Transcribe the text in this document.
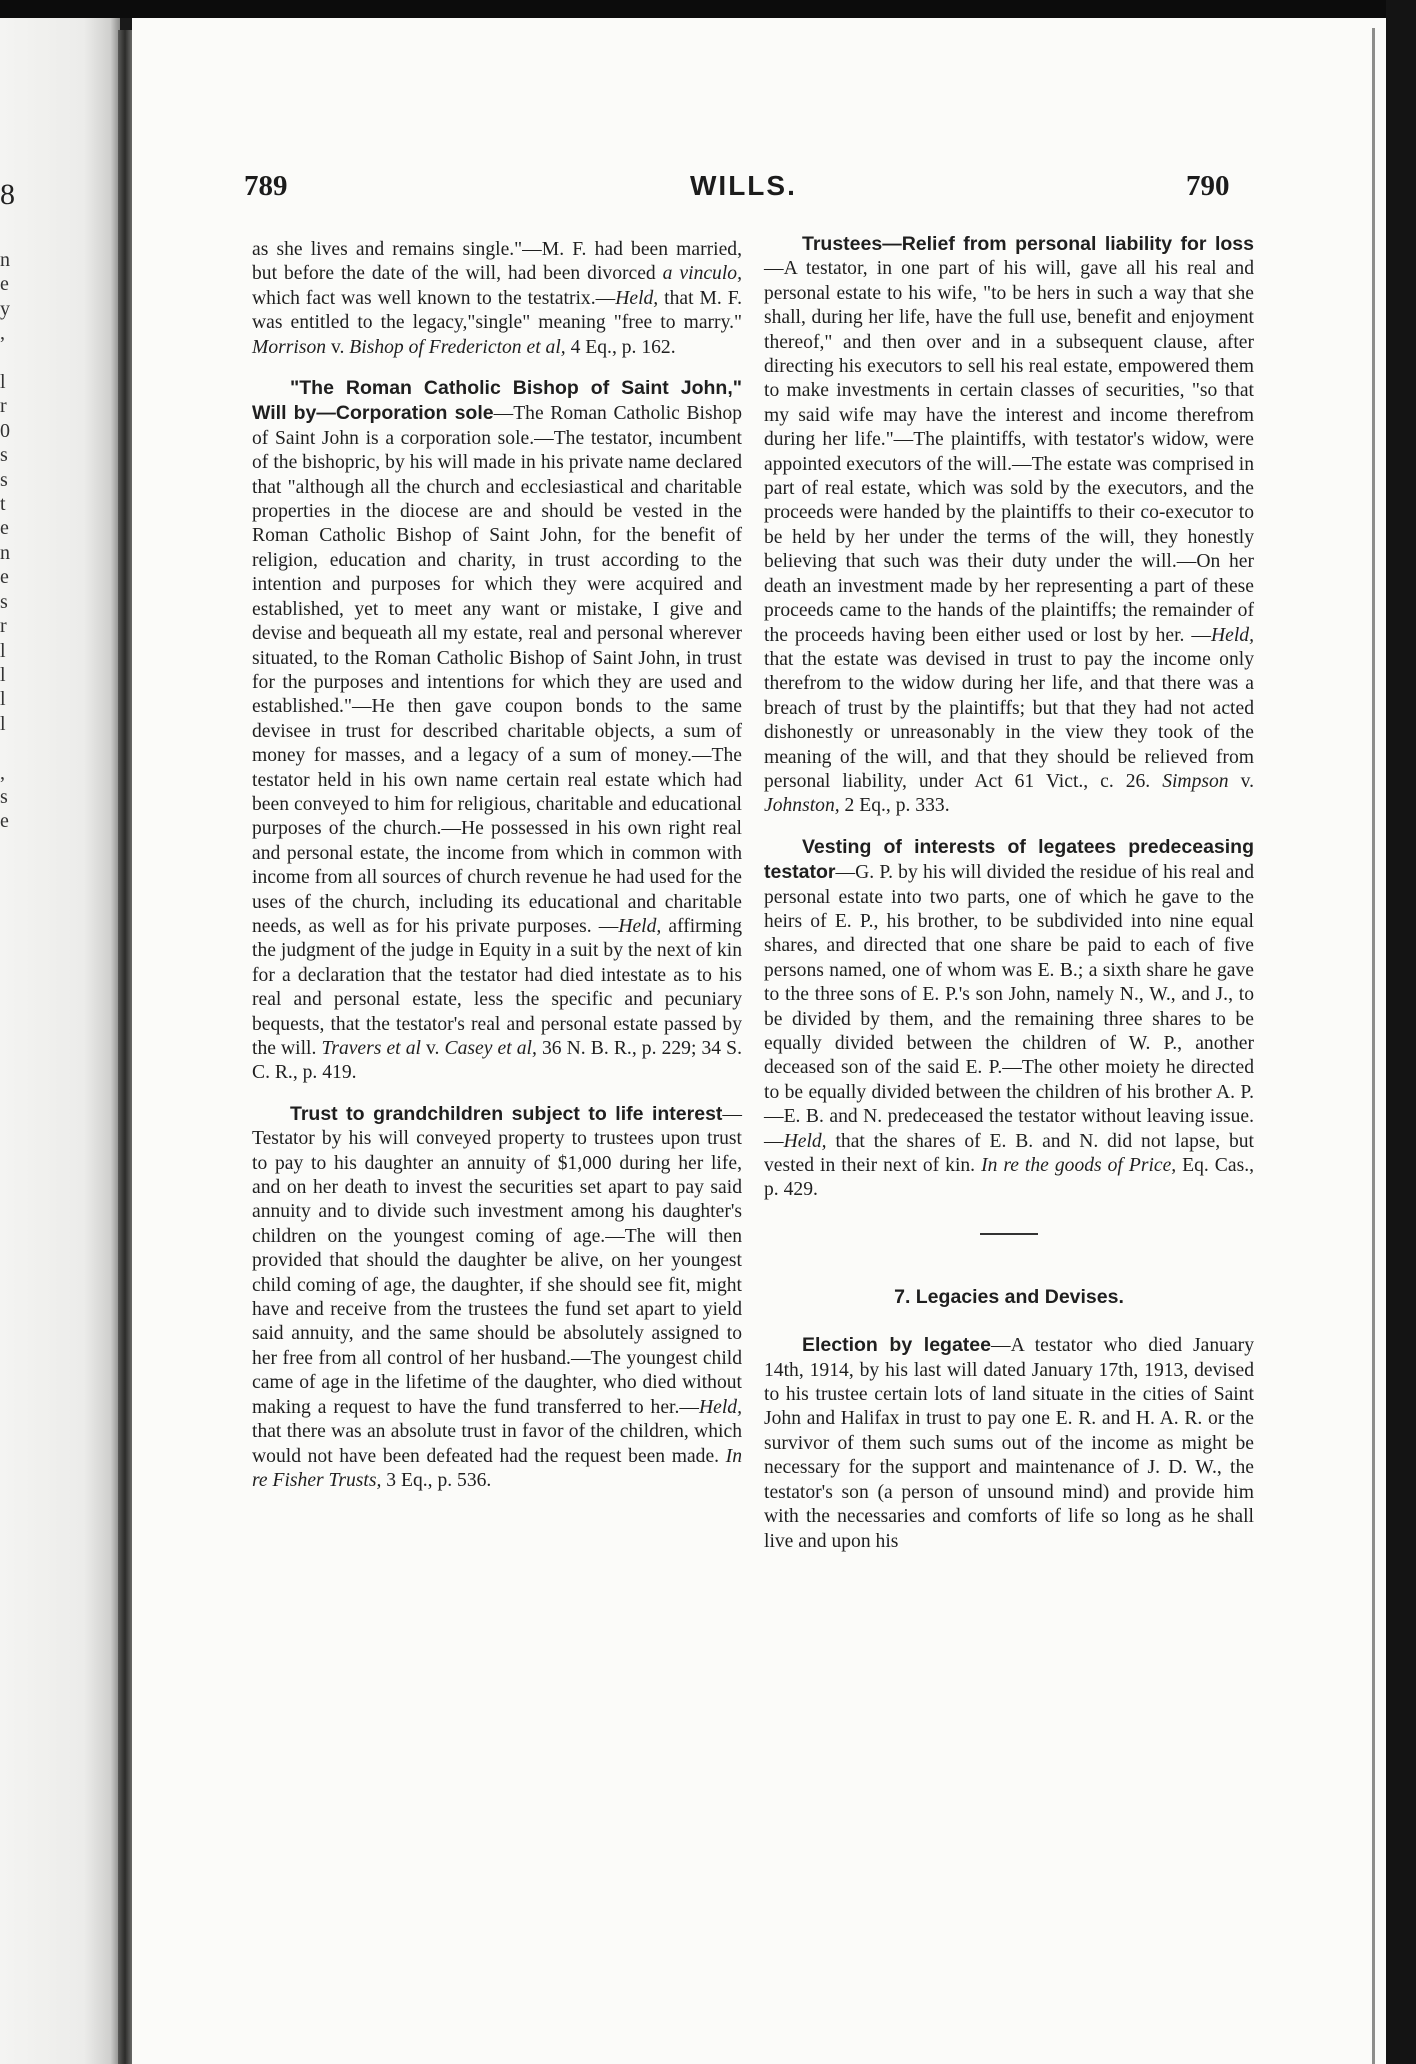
8
n
e
y
,

l
r
0
s
s
t
e
n
e
s
r
l
l
l
l

,
s
e
789	WILLS.	790

as she lives and remains single."—M. F. had been married, but before the date of the will, had been divorced a vinculo, which fact was well known to the testatrix.—Held, that M. F. was entitled to the legacy,"single" meaning "free to marry." Morrison v. Bishop of Fredericton et al, 4 Eq., p. 162.

"The Roman Catholic Bishop of Saint John," Will by—Corporation sole—The Roman Catholic Bishop of Saint John is a corporation sole.—The testator, incumbent of the bishopric, by his will made in his private name declared that "although all the church and ecclesiastical and charitable properties in the diocese are and should be vested in the Roman Catholic Bishop of Saint John, for the benefit of religion, education and charity, in trust according to the intention and purposes for which they were acquired and established, yet to meet any want or mistake, I give and devise and bequeath all my estate, real and personal wherever situated, to the Roman Catholic Bishop of Saint John, in trust for the purposes and intentions for which they are used and established."—He then gave coupon bonds to the same devisee in trust for described charitable objects, a sum of money for masses, and a legacy of a sum of money.—The testator held in his own name certain real estate which had been conveyed to him for religious, charitable and educational purposes of the church.—He possessed in his own right real and personal estate, the income from which in common with income from all sources of church revenue he had used for the uses of the church, including its educational and charitable needs, as well as for his private purposes. —Held, affirming the judgment of the judge in Equity in a suit by the next of kin for a declaration that the testator had died intestate as to his real and personal estate, less the specific and pecuniary bequests, that the testator's real and personal estate passed by the will. Travers et al v. Casey et al, 36 N. B. R., p. 229; 34 S. C. R., p. 419.

Trust to grandchildren subject to life interest—Testator by his will conveyed property to trustees upon trust to pay to his daughter an annuity of $1,000 during her life, and on her death to invest the securities set apart to pay said annuity and to divide such investment among his daughter's children on the youngest coming of age.—The will then provided that should the daughter be alive, on her youngest child coming of age, the daughter, if she should see fit, might have and receive from the trustees the fund set apart to yield said annuity, and the same should be absolutely assigned to her free from all control of her husband.—The youngest child came of age in the lifetime of the daughter, who died without making a request to have the fund transferred to her.—Held, that there was an absolute trust in favor of the children, which would not have been defeated had the request been made. In re Fisher Trusts, 3 Eq., p. 536.

Trustees—Relief from personal liability for loss—A testator, in one part of his will, gave all his real and personal estate to his wife, "to be hers in such a way that she shall, during her life, have the full use, benefit and enjoyment thereof," and then over and in a subsequent clause, after directing his executors to sell his real estate, empowered them to make investments in certain classes of securities, "so that my said wife may have the interest and income therefrom during her life."—The plaintiffs, with testator's widow, were appointed executors of the will.—The estate was comprised in part of real estate, which was sold by the executors, and the proceeds were handed by the plaintiffs to their co-executor to be held by her under the terms of the will, they honestly believing that such was their duty under the will.—On her death an investment made by her representing a part of these proceeds came to the hands of the plaintiffs; the remainder of the proceeds having been either used or lost by her. —Held, that the estate was devised in trust to pay the income only therefrom to the widow during her life, and that there was a breach of trust by the plaintiffs; but that they had not acted dishonestly or unreasonably in the view they took of the meaning of the will, and that they should be relieved from personal liability, under Act 61 Vict., c. 26. Simpson v. Johnston, 2 Eq., p. 333.

Vesting of interests of legatees predeceasing testator—G. P. by his will divided the residue of his real and personal estate into two parts, one of which he gave to the heirs of E. P., his brother, to be subdivided into nine equal shares, and directed that one share be paid to each of five persons named, one of whom was E. B.; a sixth share he gave to the three sons of E. P.'s son John, namely N., W., and J., to be divided by them, and the remaining three shares to be equally divided between the children of W. P., another deceased son of the said E. P.—The other moiety he directed to be equally divided between the children of his brother A. P.—E. B. and N. predeceased the testator without leaving issue.—Held, that the shares of E. B. and N. did not lapse, but vested in their next of kin. In re the goods of Price, Eq. Cas., p. 429.

7. Legacies and Devises.

Election by legatee—A testator who died January 14th, 1914, by his last will dated January 17th, 1913, devised to his trustee certain lots of land situate in the cities of Saint John and Halifax in trust to pay one E. R. and H. A. R. or the survivor of them such sums out of the income as might be necessary for the support and maintenance of J. D. W., the testator's son (a person of unsound mind) and provide him with the necessaries and comforts of life so long as he shall live and upon his
